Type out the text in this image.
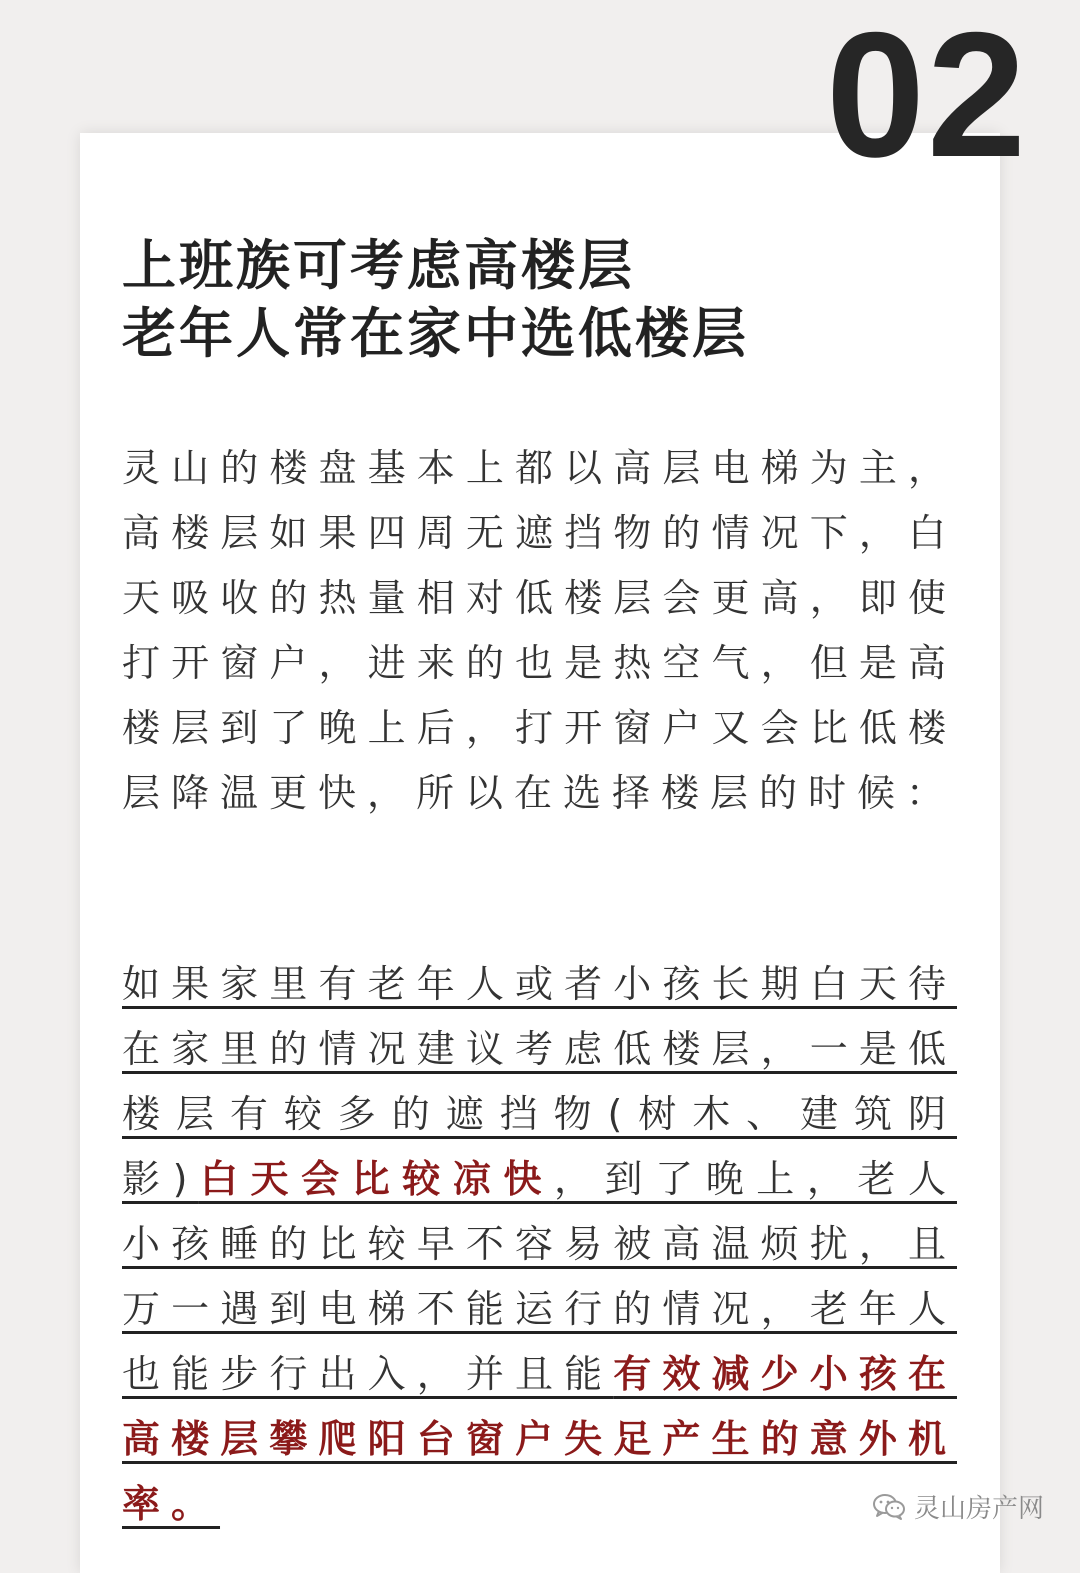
02
上班族可考虑高楼层
老年人常在家中选低楼层

灵山的楼盘基本上都以高层电梯为主，高楼层如果四周无遮挡物的情况下，白天吸收的热量相对低楼层会更高，即使打开窗户，进来的也是热空气，但是高楼层到了晚上后，打开窗户又会比低楼层降温更快，所以在选择楼层的时候：

如果家里有老年人或者小孩长期白天待在家里的情况建议考虑低楼层，一是低楼层有较多的遮挡物(树木、建筑阴影)白天会比较凉快，到了晚上，老人小孩睡的比较早不容易被高温烦扰，且万一遇到电梯不能运行的情况，老年人也能步行出入，并且能有效减少小孩在高楼层攀爬阳台窗户失足产生的意外机率。	灵山房产网
